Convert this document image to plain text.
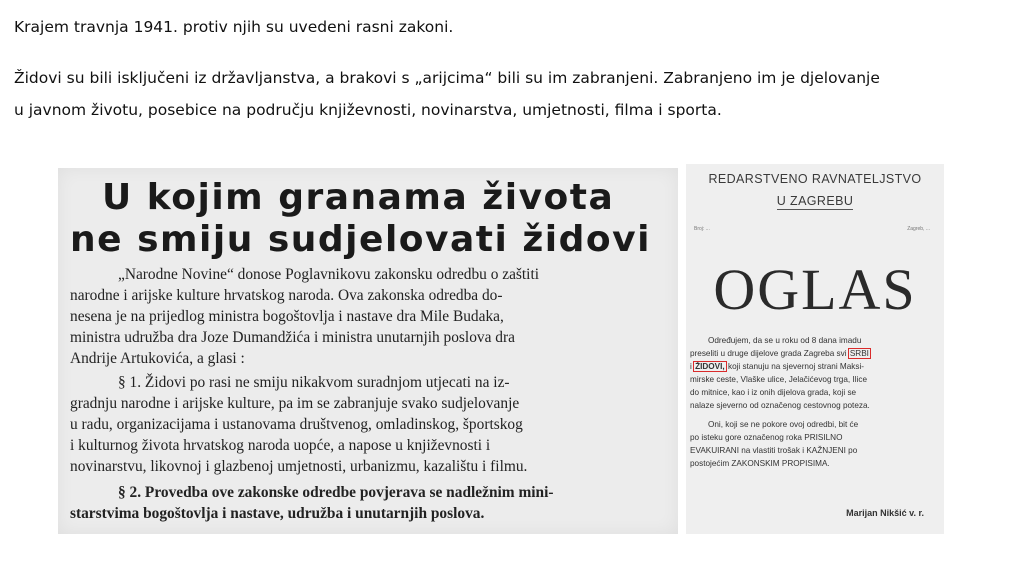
Krajem travnja 1941. protiv njih su uvedeni rasni zakoni.
Židovi su bili isključeni iz državljanstva, a brakovi s „arijcima“ bili su im zabranjeni. Zabranjeno im je djelovanje
u javnom životu, posebice na području književnosti, novinarstva, umjetnosti, filma i sporta.
U kojim granama života
ne smiju sudjelovati židovi
„Narodne Novine“ donose Poglavnikovu zakonsku odredbu o zaštiti
narodne i arijske kulture hrvatskog naroda. Ova zakonska odredba do-
nesena je na prijedlog ministra bogoštovlja i nastave dra Mile Budaka,
ministra udružba dra Joze Dumandžića i ministra unutarnjih poslova dra
Andrije Artukovića, a glasi :
§ 1. Židovi po rasi ne smiju nikakvom suradnjom utjecati na iz-
gradnju narodne i arijske kulture, pa im se zabranjuje svako sudjelovanje
u radu, organizacijama i ustanovama društvenog, omladinskog, športskog
i kulturnog života hrvatskog naroda uopće, a napose u književnosti i
novinarstvu, likovnoj i glazbenoj umjetnosti, urbanizmu, kazalištu i filmu.
§ 2. Provedba ove zakonske odredbe povjerava se nadležnim mini-
starstvima bogoštovlja i nastave, udružba i unutarnjih poslova.
REDARSTVENO RAVNATELJSTVO
U ZAGREBU
Broj: ...	Zagreb, ...
OGLAS
Određujem, da se u roku od 8 dana imadu
preseliti u druge dijelove grada Zagreba svi SRBI
i ŽIDOVI, koji stanuju na sjevernoj strani Maksi-
mirske ceste, Vlaške ulice, Jelačićevog trga, Ilice
do mitnice, kao i iz onih dijelova grada, koji se
nalaze sjeverno od označenog cestovnog poteza.
Oni, koji se ne pokore ovoj odredbi, bit će
po isteku gore označenog roka PRISILNO
EVAKUIRANI na vlastiti trošak i KAŽNJENI po
postojećim ZAKONSKIM PROPISIMA.
Marijan Nikšić v. r.
